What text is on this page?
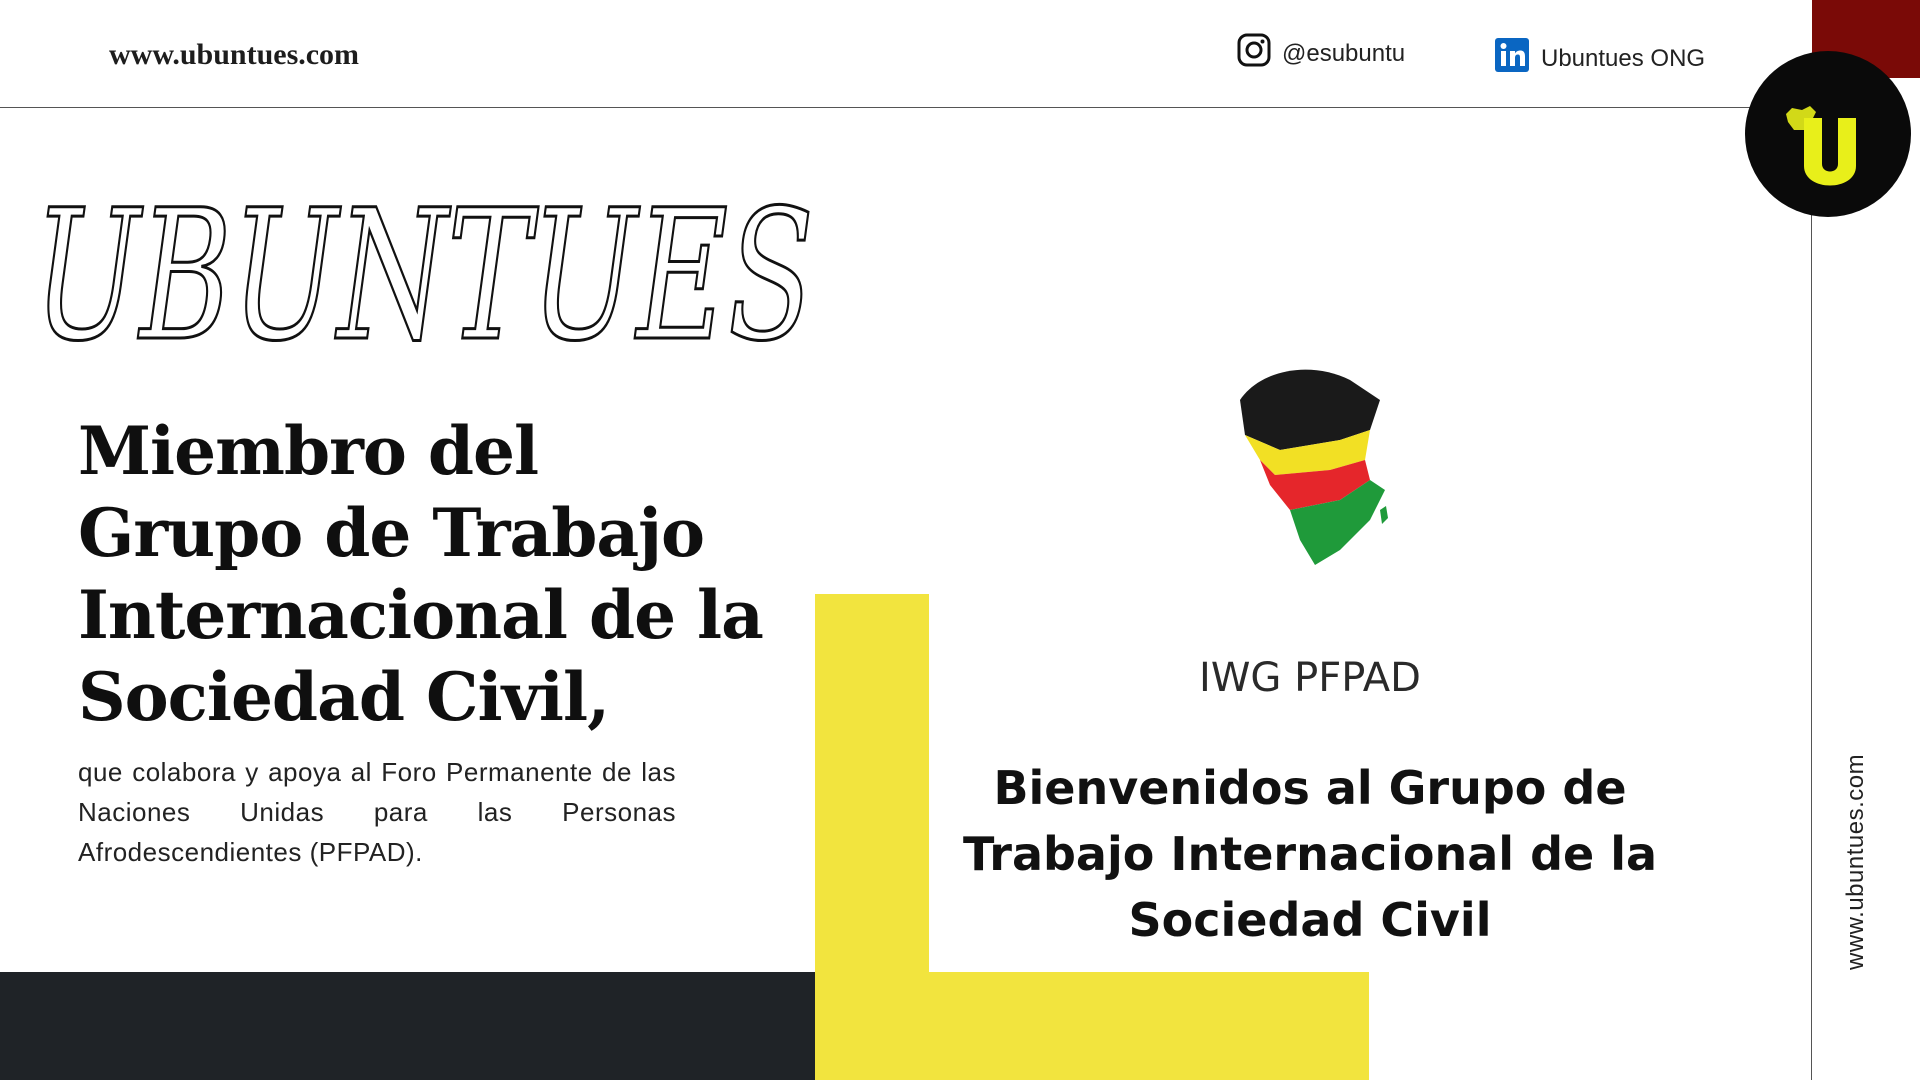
www.ubuntues.com	@esubuntu	Ubuntues ONG
U
UBUNTUES
Miembro del Grupo de Trabajo Internacional de la Sociedad Civil,

que colabora y apoya al Foro Permanente de las Naciones Unidas para las Personas Afrodescendientes (PFPAD).

IWG PFPAD
Bienvenidos al Grupo de Trabajo Internacional de la Sociedad Civil	www.ubuntues.com
